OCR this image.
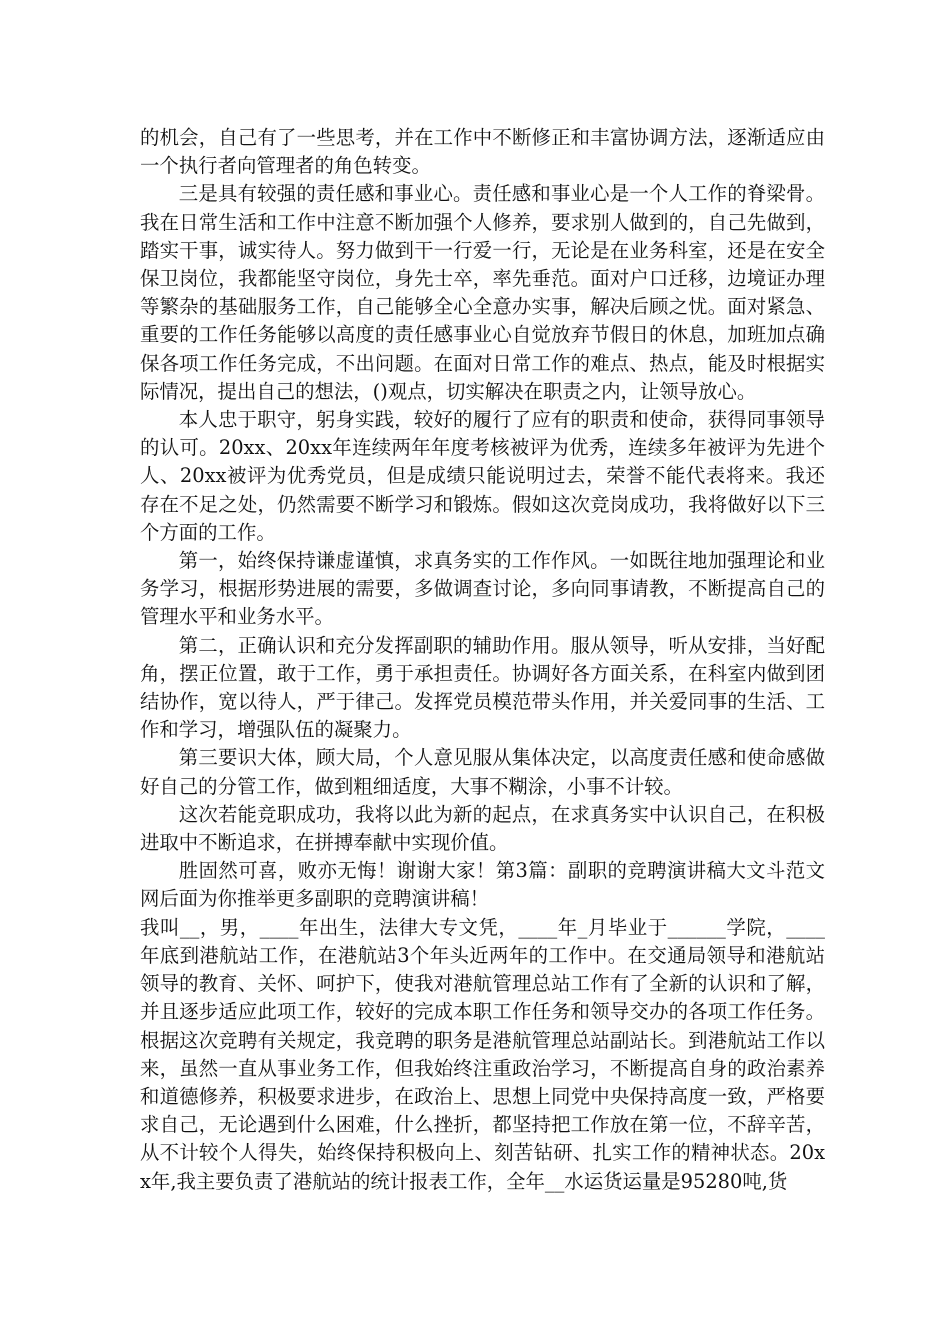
的机会，自己有了一些思考，并在工作中不断修正和丰富协调方法，逐渐适应由一个执行者向管理者的角色转变。

三是具有较强的责任感和事业心。责任感和事业心是一个人工作的脊梁骨。我在日常生活和工作中注意不断加强个人修养，要求别人做到的，自己先做到，踏实干事，诚实待人。努力做到干一行爱一行，无论是在业务科室，还是在安全保卫岗位，我都能坚守岗位，身先士卒，率先垂范。面对户口迁移，边境证办理等繁杂的基础服务工作，自己能够全心全意办实事，解决后顾之忧。面对紧急、重要的工作任务能够以高度的责任感事业心自觉放弃节假日的休息，加班加点确保各项工作任务完成，不出问题。在面对日常工作的难点、热点，能及时根据实际情况，提出自己的想法，()观点，切实解决在职责之内，让领导放心。

本人忠于职守，躬身实践，较好的履行了应有的职责和使命，获得同事领导的认可。20xx、20xx年连续两年年度考核被评为优秀，连续多年被评为先进个人、20xx被评为优秀党员，但是成绩只能说明过去，荣誉不能代表将来。我还存在不足之处，仍然需要不断学习和锻炼。假如这次竞岗成功，我将做好以下三个方面的工作。

第一，始终保持谦虚谨慎，求真务实的工作作风。一如既往地加强理论和业务学习，根据形势进展的需要，多做调查讨论，多向同事请教，不断提高自己的管理水平和业务水平。

第二，正确认识和充分发挥副职的辅助作用。服从领导，听从安排，当好配角，摆正位置，敢于工作，勇于承担责任。协调好各方面关系，在科室内做到团结协作，宽以待人，严于律己。发挥党员模范带头作用，并关爱同事的生活、工作和学习，增强队伍的凝聚力。

第三要识大体，顾大局，个人意见服从集体决定，以高度责任感和使命感做好自己的分管工作，做到粗细适度，大事不糊涂，小事不计较。

这次若能竞职成功，我将以此为新的起点，在求真务实中认识自己，在积极进取中不断追求，在拼搏奉献中实现价值。

胜固然可喜，败亦无悔！谢谢大家！第3篇：副职的竞聘演讲稿大文斗范文网后面为你推举更多副职的竞聘演讲稿！

我叫__，男，____年出生，法律大专文凭，____年_月毕业于______学院，____年底到港航站工作，在港航站3个年头近两年的工作中。在交通局领导和港航站领导的教育、关怀、呵护下，使我对港航管理总站工作有了全新的认识和了解，并且逐步适应此项工作，较好的完成本职工作任务和领导交办的各项工作任务。根据这次竞聘有关规定，我竞聘的职务是港航管理总站副站长。到港航站工作以来，虽然一直从事业务工作，但我始终注重政治学习，不断提高自身的政治素养和道德修养，积极要求进步，在政治上、思想上同党中央保持高度一致，严格要求自己，无论遇到什么困难，什么挫折，都坚持把工作放在第一位，不辞辛苦，从不计较个人得失，始终保持积极向上、刻苦钻研、扎实工作的精神状态。20xx年,我主要负责了港航站的统计报表工作，全年__水运货运量是95280吨,货
